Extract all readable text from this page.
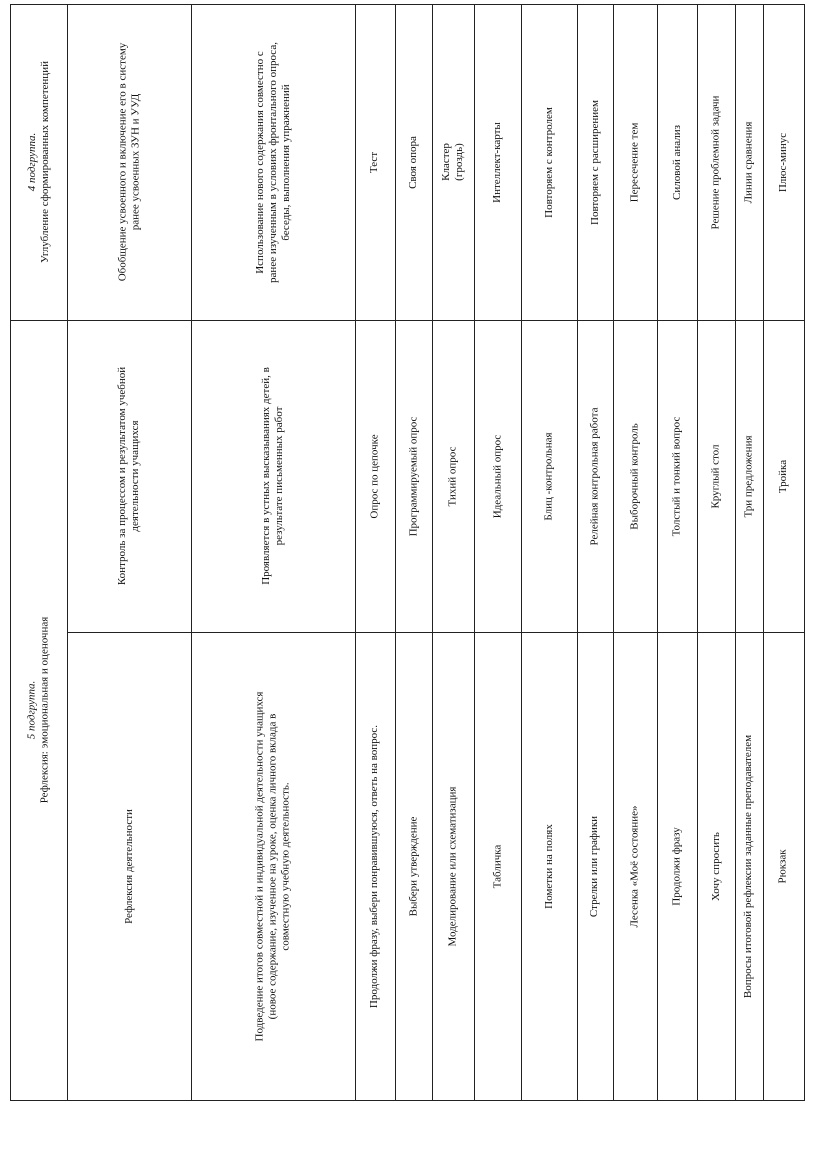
5 подгруппа. Рефлексия: эмоциональная и оценочная
4 подгруппа. Углубление сформированных компетенций
Рефлексия деятельности
Контроль за процессом и результатом учебной деятельности учащихся
Обобщение усвоенного и включение его в систему ранее усвоенных ЗУН и УУД
Подведение итогов совместной и индивидуальной деятельности учащихся (новое содержание, изученное на уроке, оценка личного вклада в совместную учебную деятельность.
Проявляется в устных высказываниях детей, в результате письменных работ
Использование нового содержания совместно с ранее изученным в условиях фронтального опроса, беседы, выполнения упражнений
Продолжи фразу, выбери понравившуюся, ответь на вопрос.
Опрос по цепочке
Тест
Выбери утверждение
Программируемый опрос
Своя опора
Моделирование или схематизация
Тихий опрос
Кластер (гроздь)
Табличка
Идеальный опрос
Интеллект-карты
Пометки на полях
Блиц -контрольная
Повторяем с контролем
Стрелки или графики
Релейная контрольная работа
Повторяем с расширением
Лесенка «Моё состояние»
Выборочный контроль
Пересечение тем
Продолжи фразу
Толстый и тонкий вопрос
Силовой анализ
Хочу спросить
Круглый стол
Решение проблемной задачи
Вопросы итоговой рефлексии заданные преподавателем
Три предложения
Линии сравнения
Рюкзак
Тройка
Плюс-минус
